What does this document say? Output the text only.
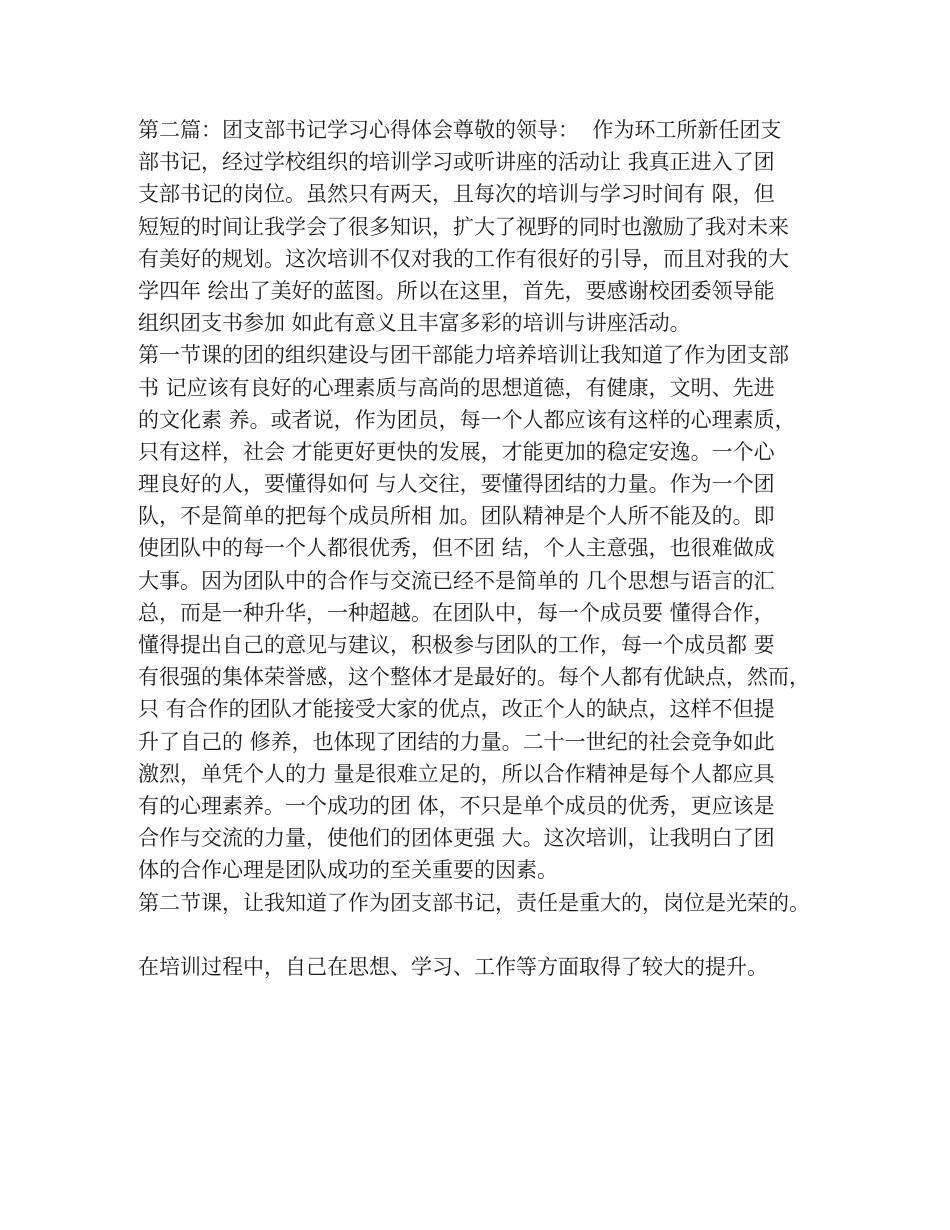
第二篇：团支部书记学习心得体会尊敬的领导：  作为环工所新任团支
部书记，经过学校组织的培训学习或听讲座的活动让 我真正进入了团
支部书记的岗位。虽然只有两天，且每次的培训与学习时间有 限，但
短短的时间让我学会了很多知识，扩大了视野的同时也激励了我对未来
有美好的规划。这次培训不仅对我的工作有很好的引导，而且对我的大
学四年 绘出了美好的蓝图。所以在这里，首先，要感谢校团委领导能
组织团支书参加 如此有意义且丰富多彩的培训与讲座活动。
第一节课的团的组织建设与团干部能力培养培训让我知道了作为团支部
书 记应该有良好的心理素质与高尚的思想道德，有健康，文明、先进
的文化素 养。或者说，作为团员，每一个人都应该有这样的心理素质，
只有这样，社会 才能更好更快的发展，才能更加的稳定安逸。一个心
理良好的人，要懂得如何 与人交往，要懂得团结的力量。作为一个团
队，不是简单的把每个成员所相 加。团队精神是个人所不能及的。即
使团队中的每一个人都很优秀，但不团 结，个人主意强，也很难做成
大事。因为团队中的合作与交流已经不是简单的 几个思想与语言的汇
总，而是一种升华，一种超越。在团队中，每一个成员要 懂得合作，
懂得提出自己的意见与建议，积极参与团队的工作，每一个成员都 要
有很强的集体荣誉感，这个整体才是最好的。每个人都有优缺点，然而，
只 有合作的团队才能接受大家的优点，改正个人的缺点，这样不但提
升了自己的 修养，也体现了团结的力量。二十一世纪的社会竞争如此
激烈，单凭个人的力 量是很难立足的，所以合作精神是每个人都应具
有的心理素养。一个成功的团 体，不只是单个成员的优秀，更应该是
合作与交流的力量，使他们的团体更强 大。这次培训，让我明白了团
体的合作心理是团队成功的至关重要的因素。
第二节课，让我知道了作为团支部书记，责任是重大的，岗位是光荣的。
在培训过程中，自己在思想、学习、工作等方面取得了较大的提升。
